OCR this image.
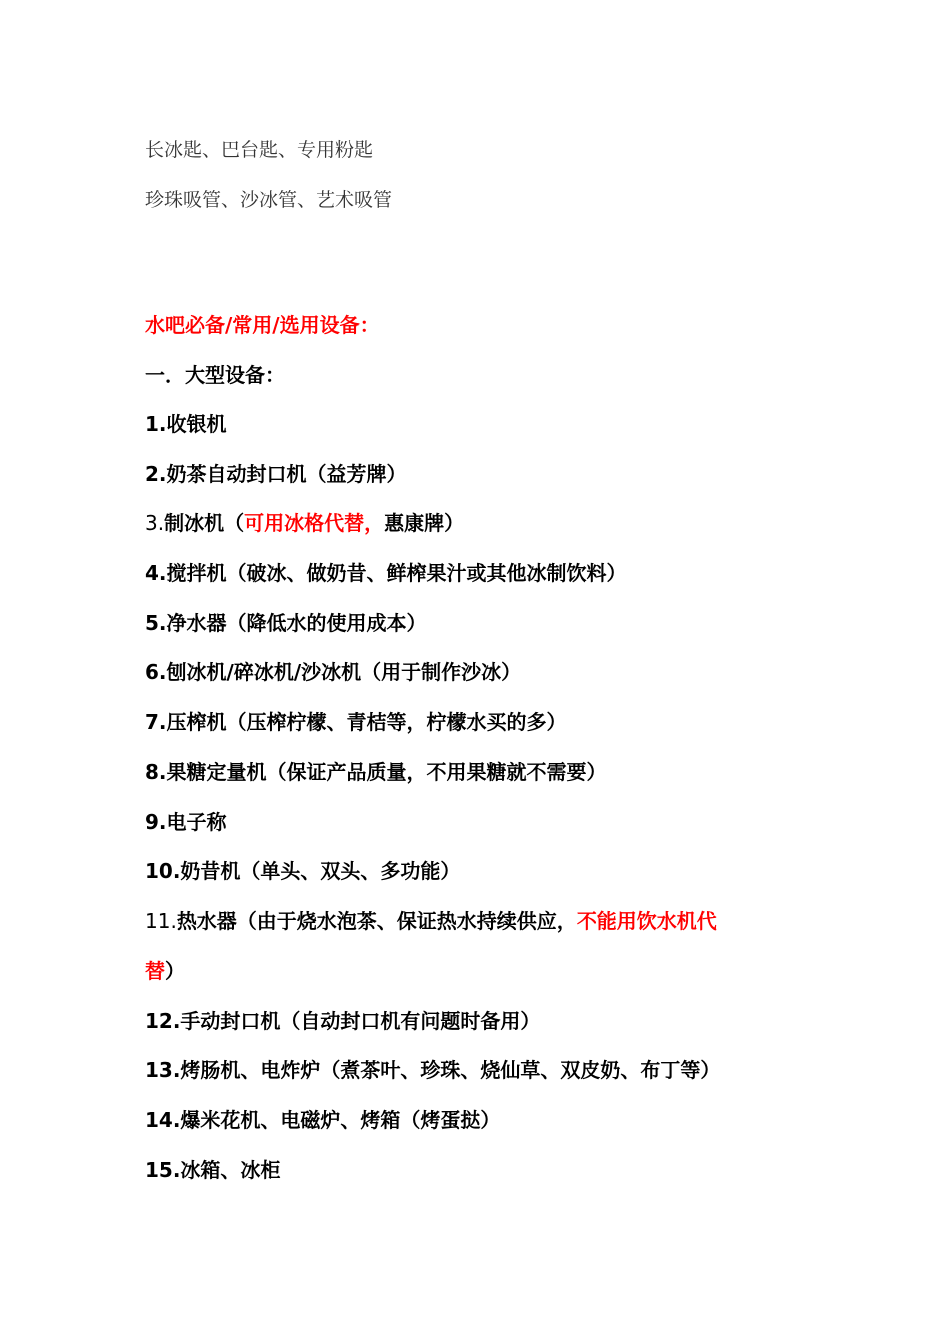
长冰匙、巴台匙、专用粉匙
珍珠吸管、沙冰管、艺术吸管
水吧必备/常用/选用设备：
一．大型设备：
1.收银机
2.奶茶自动封口机（益芳牌）
3.制冰机（可用冰格代替，惠康牌）
4.搅拌机（破冰、做奶昔、鲜榨果汁或其他冰制饮料）
5.净水器（降低水的使用成本）
6.刨冰机/碎冰机/沙冰机（用于制作沙冰）
7.压榨机（压榨柠檬、青桔等，柠檬水买的多）
8.果糖定量机（保证产品质量，不用果糖就不需要）
9.电子称
10.奶昔机（单头、双头、多功能）
11.热水器（由于烧水泡茶、保证热水持续供应，不能用饮水机代
替）
12.手动封口机（自动封口机有问题时备用）
13.烤肠机、电炸炉（煮茶叶、珍珠、烧仙草、双皮奶、布丁等）
14.爆米花机、电磁炉、烤箱（烤蛋挞）
15.冰箱、冰柜
